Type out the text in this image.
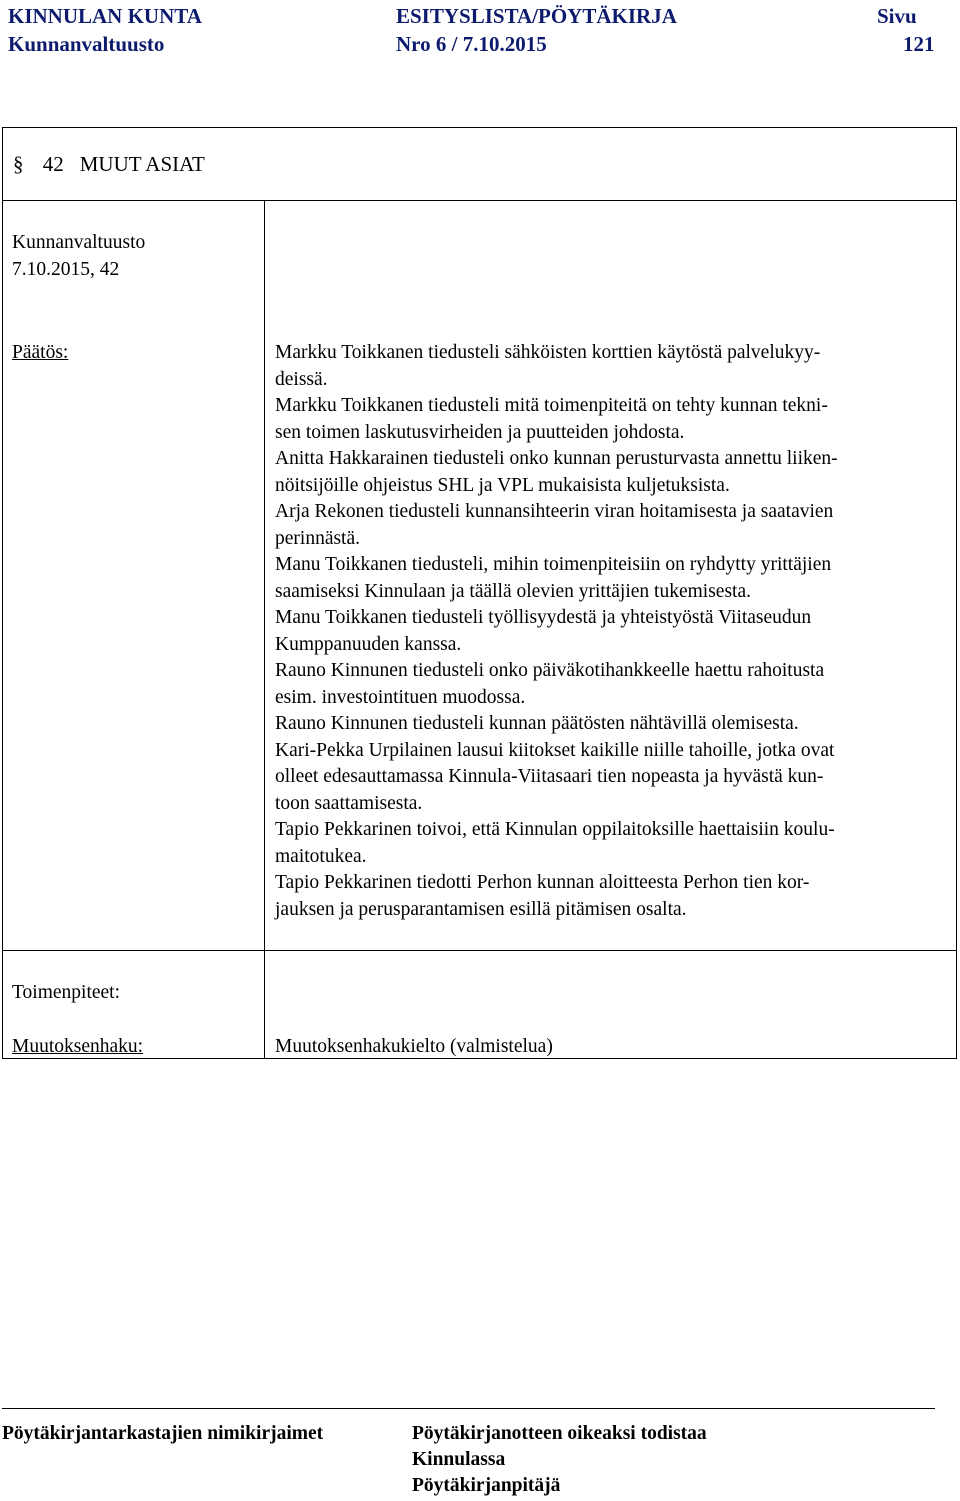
KINNULAN KUNTA	ESITYSLISTA/PÖYTÄKIRJA	Sivu
Kunnanvaltuusto	Nro 6 / 7.10.2015	121
§ 42 MUUT ASIAT
Kunnanvaltuusto
7.10.2015, 42
Päätös:	Markku Toikkanen tiedusteli sähköisten korttien käytöstä palvelukyy-
deissä.
Markku Toikkanen tiedusteli mitä toimenpiteitä on tehty kunnan tekni-
sen toimen laskutusvirheiden ja puutteiden johdosta.
Anitta Hakkarainen tiedusteli onko kunnan perusturvasta annettu liiken-
nöitsijöille ohjeistus SHL ja VPL mukaisista kuljetuksista.
Arja Rekonen tiedusteli kunnansihteerin viran hoitamisesta ja saatavien
perinnästä.
Manu Toikkanen tiedusteli, mihin toimenpiteisiin on ryhdytty yrittäjien
saamiseksi Kinnulaan ja täällä olevien yrittäjien tukemisesta.
Manu Toikkanen tiedusteli työllisyydestä ja yhteistyöstä Viitaseudun
Kumppanuuden kanssa.
Rauno Kinnunen tiedusteli onko päiväkotihankkeelle haettu rahoitusta
esim. investointituen muodossa.
Rauno Kinnunen tiedusteli kunnan päätösten nähtävillä olemisesta.
Kari-Pekka Urpilainen lausui kiitokset kaikille niille tahoille, jotka ovat
olleet edesauttamassa Kinnula-Viitasaari tien nopeasta ja hyvästä kun-
toon saattamisesta.
Tapio Pekkarinen toivoi, että Kinnulan oppilaitoksille haettaisiin koulu-
maitotukea.
Tapio Pekkarinen tiedotti Perhon kunnan aloitteesta Perhon tien kor-
jauksen ja perusparantamisen esillä pitämisen osalta.
Toimenpiteet:
Muutoksenhaku:	Muutoksenhakukielto (valmistelua)
Pöytäkirjantarkastajien nimikirjaimet	Pöytäkirjanotteen oikeaksi todistaa
Kinnulassa
Pöytäkirjanpitäjä
